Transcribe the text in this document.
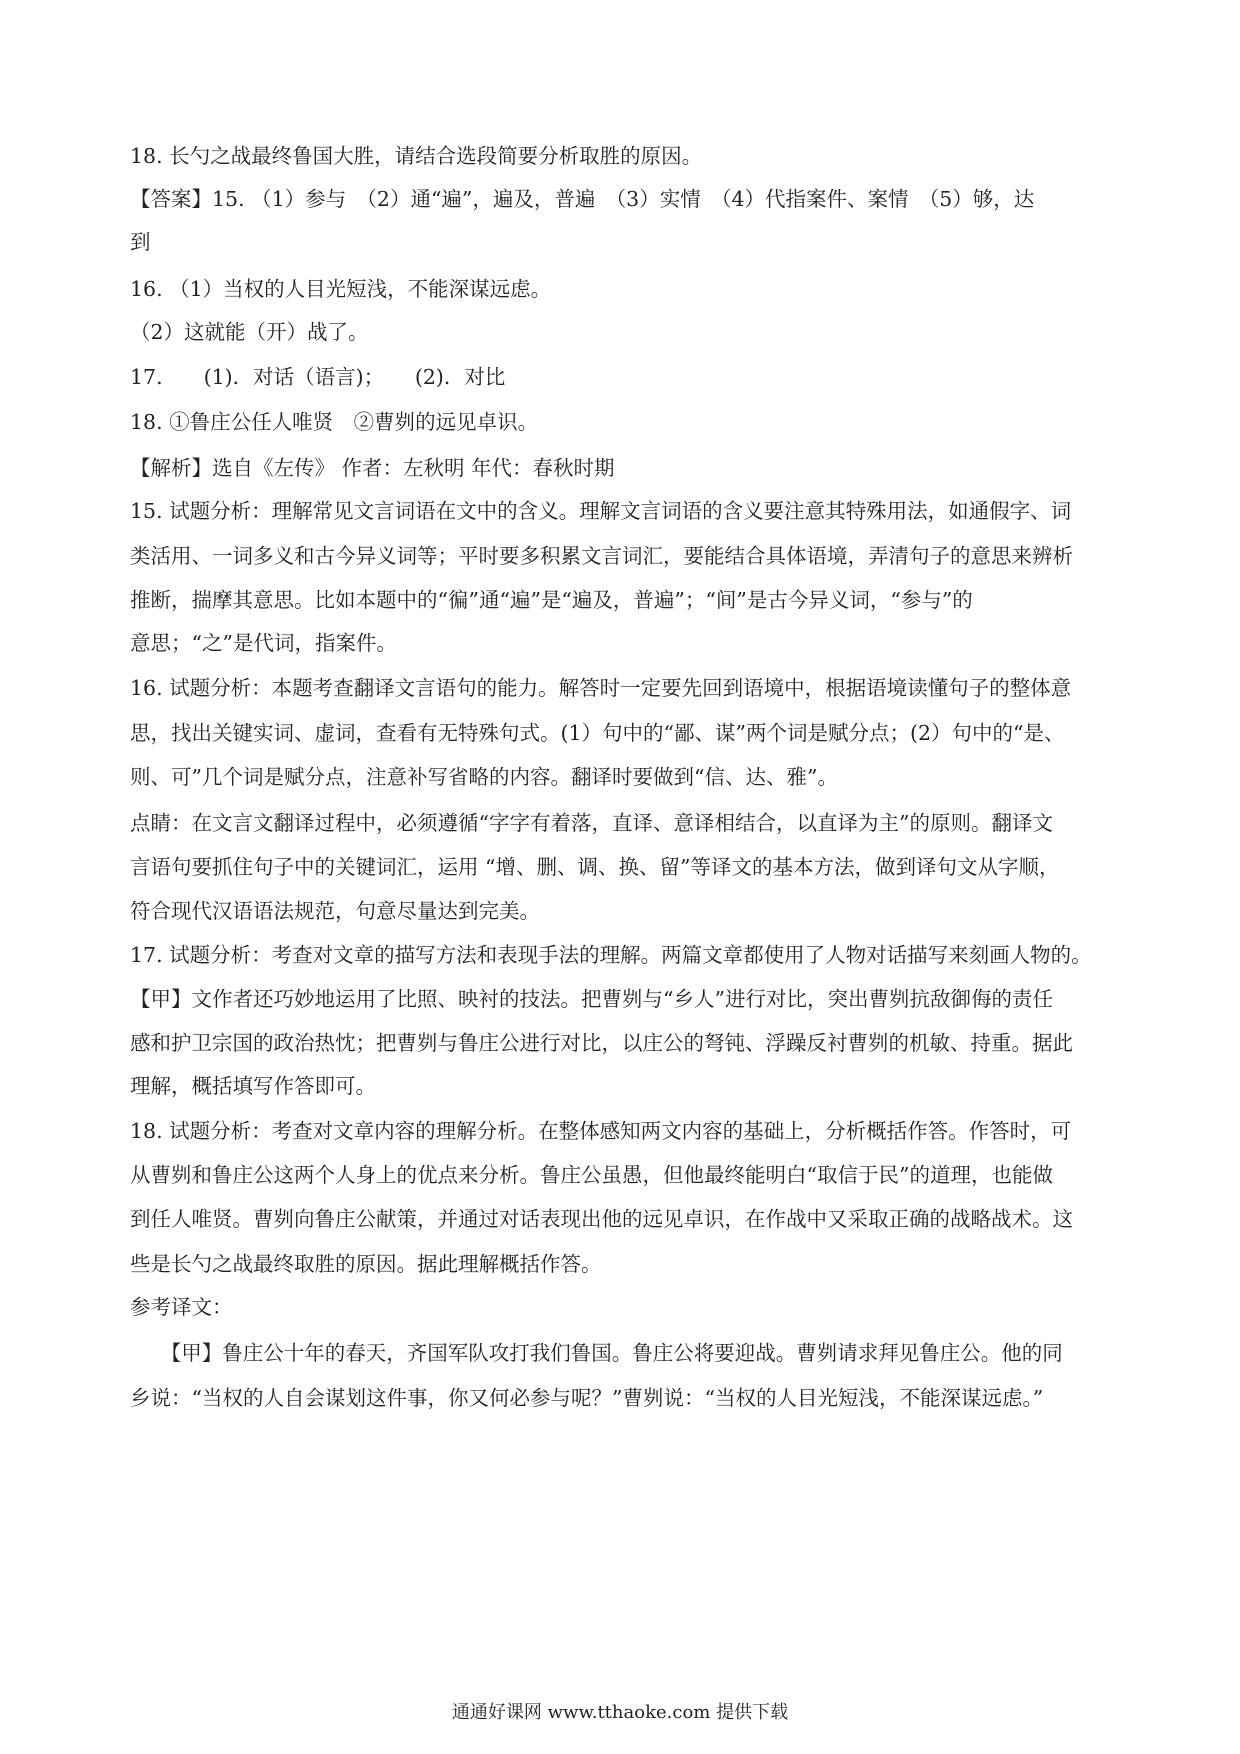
18. 长勺之战最终鲁国大胜，请结合选段简要分析取胜的原因。
【答案】15. （1）参与　（2）通“遍”，遍及，普遍　（3）实情　（4）代指案件、案情　（5）够，达
到
16. （1）当权的人目光短浅，不能深谋远虑。
（2）这就能（开）战了。
17.　　(1)．对话（语言)；　　(2)．对比
18. ①鲁庄公任人唯贤　②曹刿的远见卓识。
【解析】选自《左传》 作者：左秋明 年代：春秋时期
15. 试题分析：理解常见文言词语在文中的含义。理解文言词语的含义要注意其特殊用法，如通假字、词
类活用、一词多义和古今异义词等；平时要多积累文言词汇，要能结合具体语境，弄清句子的意思来辨析
推断，揣摩其意思。比如本题中的“徧”通“遍”是“遍及，普遍”；“间”是古今异义词，“参与”的
意思；“之”是代词，指案件。
16. 试题分析：本题考查翻译文言语句的能力。解答时一定要先回到语境中，根据语境读懂句子的整体意
思，找出关键实词、虚词，查看有无特殊句式。(1）句中的“鄙、谋”两个词是赋分点；(2）句中的“是、
则、可”几个词是赋分点，注意补写省略的内容。翻译时要做到“信、达、雅”。
点睛：在文言文翻译过程中，必须遵循“字字有着落，直译、意译相结合，以直译为主”的原则。翻译文
言语句要抓住句子中的关键词汇，运用 “增、删、调、换、留”等译文的基本方法，做到译句文从字顺，
符合现代汉语语法规范，句意尽量达到完美。
17. 试题分析：考查对文章的描写方法和表现手法的理解。两篇文章都使用了人物对话描写来刻画人物的。
【甲】文作者还巧妙地运用了比照、映衬的技法。把曹刿与“乡人”进行对比，突出曹刿抗敌御侮的责任
感和护卫宗国的政治热忱；把曹刿与鲁庄公进行对比，以庄公的弩钝、浮躁反衬曹刿的机敏、持重。据此
理解，概括填写作答即可。
18. 试题分析：考查对文章内容的理解分析。在整体感知两文内容的基础上，分析概括作答。作答时，可
从曹刿和鲁庄公这两个人身上的优点来分析。鲁庄公虽愚，但他最终能明白“取信于民”的道理，也能做
到任人唯贤。曹刿向鲁庄公献策，并通过对话表现出他的远见卓识，在作战中又采取正确的战略战术。这
些是长勺之战最终取胜的原因。据此理解概括作答。
参考译文：
　　【甲】鲁庄公十年的春天，齐国军队攻打我们鲁国。鲁庄公将要迎战。曹刿请求拜见鲁庄公。他的同
乡说：“当权的人自会谋划这件事，你又何必参与呢？”曹刿说：“当权的人目光短浅，不能深谋远虑。”
通通好课网 www.tthaoke.com 提供下载
